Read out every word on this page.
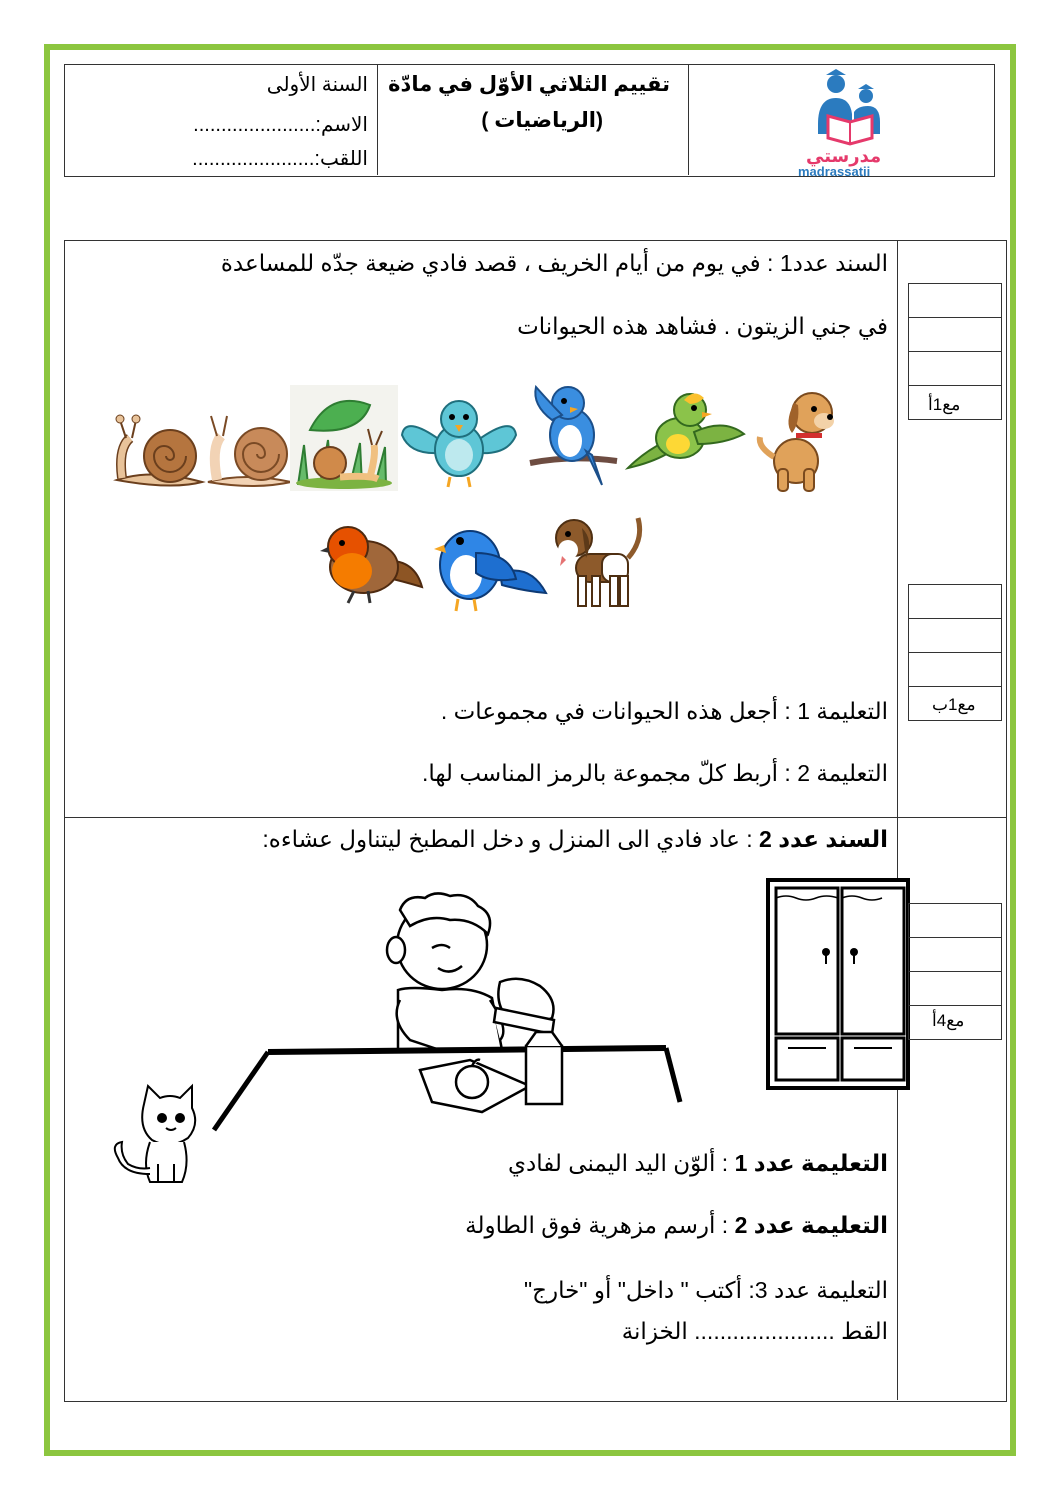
السنة الأولى
الاسم:......................
اللقب:......................
تقييم الثلاثي الأوّل في مادّة
(الرياضيات )
مدرستي
madrassatii
السند عدد1 : في يوم من أيام الخريف ، قصد فادي ضيعة جدّه للمساعدة
في جني الزيتون . فشاهد هذه الحيوانات
مع1أ
مع1ب
التعليمة 1 : أجعل هذه الحيوانات في مجموعات .
التعليمة 2 : أربط كلّ مجموعة بالرمز المناسب لها.
السند عدد 2 : عاد فادي الى المنزل و دخل المطبخ ليتناول عشاءه:
مع4أ
التعليمة عدد 1 : ألوّن اليد اليمنى لفادي
التعليمة عدد 2 : أرسم مزهرية فوق الطاولة
التعليمة عدد 3: أكتب " داخل" أو "خارج"
القط ...................... الخزانة
